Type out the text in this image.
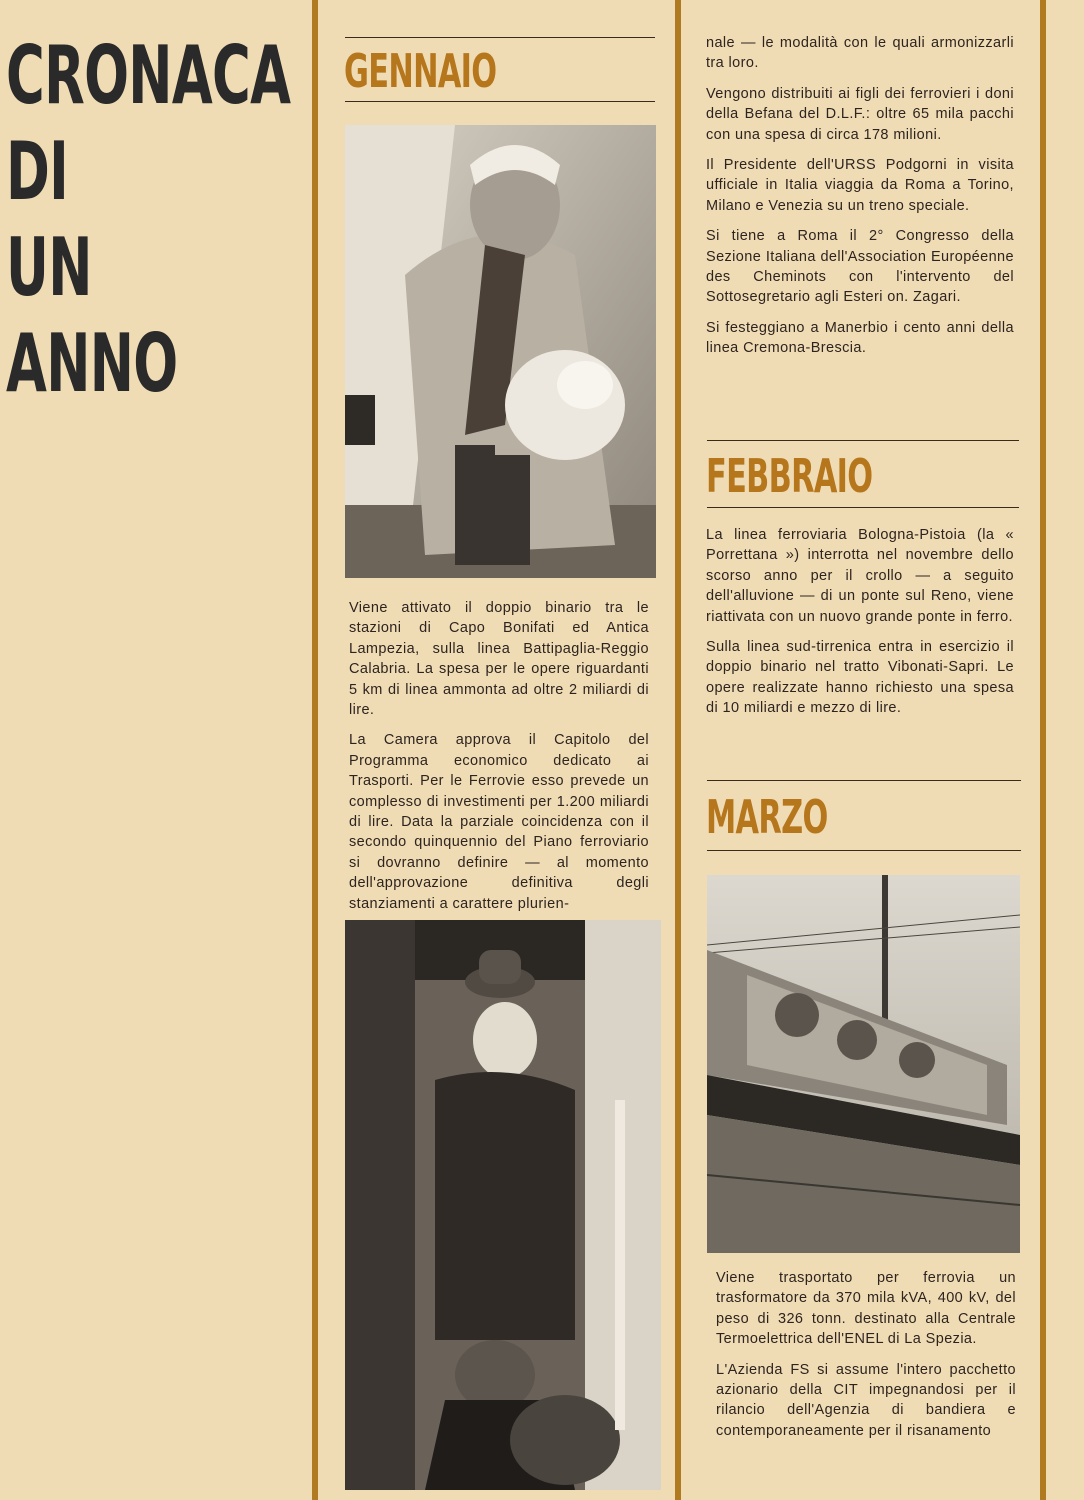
CRONACA
DI
UN ANNO
GENNAIO

Viene attivato il doppio binario tra le stazioni di Capo Bonifati ed Antica Lampezia, sulla linea Battipaglia-Reggio Calabria. La spesa per le opere riguardanti 5 km di linea ammonta ad oltre 2 miliardi di lire.

La Camera approva il Capitolo del Programma economico dedicato ai Trasporti. Per le Ferrovie esso prevede un complesso di investimenti per 1.200 miliardi di lire. Data la parziale coincidenza con il secondo quinquennio del Piano ferroviario si dovranno definire — al momento dell'approvazione definitiva degli stanziamenti a carattere plurien-

nale — le modalità con le quali armonizzarli tra loro.

Vengono distribuiti ai figli dei ferrovieri i doni della Befana del D.L.F.: oltre 65 mila pacchi con una spesa di circa 178 milioni.

Il Presidente dell'URSS Podgorni in visita ufficiale in Italia viaggia da Roma a Torino, Milano e Venezia su un treno speciale.

Si tiene a Roma il 2° Congresso della Sezione Italiana dell'Association Européenne des Cheminots con l'intervento del Sottosegretario agli Esteri on. Zagari.

Si festeggiano a Manerbio i cento anni della linea Cremona-Brescia.

FEBBRAIO

La linea ferroviaria Bologna-Pistoia (la « Porrettana ») interrotta nel novembre dello scorso anno per il crollo — a seguito dell'alluvione — di un ponte sul Reno, viene riattivata con un nuovo grande ponte in ferro.

Sulla linea sud-tirrenica entra in esercizio il doppio binario nel tratto Vibonati-Sapri. Le opere realizzate hanno richiesto una spesa di 10 miliardi e mezzo di lire.

MARZO

Viene trasportato per ferrovia un trasformatore da 370 mila kVA, 400 kV, del peso di 326 tonn. destinato alla Centrale Termoelettrica dell'ENEL di La Spezia.

L'Azienda FS si assume l'intero pacchetto azionario della CIT impegnandosi per il rilancio dell'Agenzia di bandiera e contemporaneamente per il risanamento
